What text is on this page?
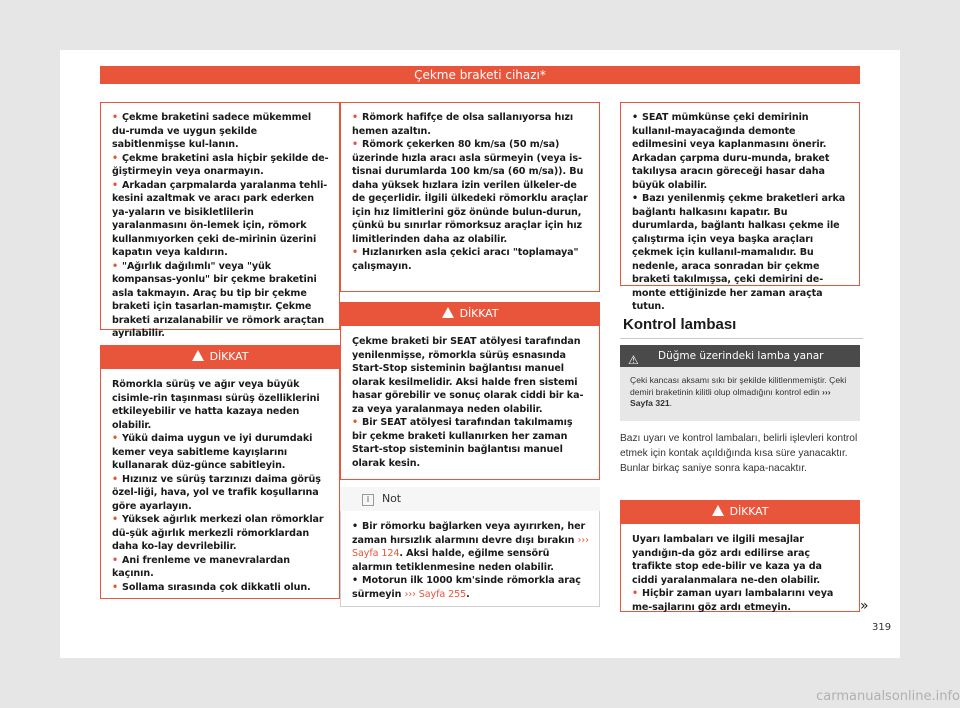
Çekme braketi cihazı*

• Çekme braketini sadece mükemmel du-rumda ve uygun şekilde sabitlenmişse kul-lanın.

• Çekme braketini asla hiçbir şekilde de-ğiştirmeyin veya onarmayın.

• Arkadan çarpmalarda yaralanma tehli-kesini azaltmak ve aracı park ederken ya-yaların ve bisikletlilerin yaralanmasını ön-lemek için, römork kullanmıyorken çeki de-mirinin üzerini kapatın veya kaldırın.

• "Ağırlık dağılımlı" veya "yük kompansas-yonlu" bir çekme braketini asla takmayın. Araç bu tip bir çekme braketi için tasarlan-mamıştır. Çekme braketi arızalanabilir ve römork araçtan ayrılabilir.

DİKKAT

Römorkla sürüş ve ağır veya büyük cisimle-rin taşınması sürüş özelliklerini etkileyebilir ve hatta kazaya neden olabilir.

• Yükü daima uygun ve iyi durumdaki kemer veya sabitleme kayışlarını kullanarak düz-günce sabitleyin.

• Hızınız ve sürüş tarzınızı daima görüş özel-liği, hava, yol ve trafik koşullarına göre ayarlayın.

• Yüksek ağırlık merkezi olan römorklar dü-şük ağırlık merkezli römorklardan daha ko-lay devrilebilir.

• Ani frenleme ve manevralardan kaçının.

• Sollama sırasında çok dikkatli olun.

• Römork hafifçe de olsa sallanıyorsa hızı hemen azaltın.

• Römork çekerken 80 km/sa (50 m/sa) üzerinde hızla aracı asla sürmeyin (veya is-tisnai durumlarda 100 km/sa (60 m/sa)). Bu daha yüksek hızlara izin verilen ülkeler-de de geçerlidir. İlgili ülkedeki römorklu araçlar için hız limitlerini göz önünde bulun-durun, çünkü bu sınırlar römorksuz araçlar için hız limitlerinden daha az olabilir.

• Hızlanırken asla çekici aracı "toplamaya" çalışmayın.

DİKKAT

Çekme braketi bir SEAT atölyesi tarafından yenilenmişse, römorkla sürüş esnasında Start-Stop sisteminin bağlantısı manuel olarak kesilmelidir. Aksi halde fren sistemi hasar görebilir ve sonuç olarak ciddi bir ka-za veya yaralanmaya neden olabilir.

• Bir SEAT atölyesi tarafından takılmamış bir çekme braketi kullanırken her zaman Start-stop sisteminin bağlantısı manuel olarak kesin.

i Not

• Bir römorku bağlarken veya ayırırken, her zaman hırsızlık alarmını devre dışı bırakın ››› Sayfa 124. Aksi halde, eğilme sensörü alarmın tetiklenmesine neden olabilir.

• Motorun ilk 1000 km'sinde römorkla araç sürmeyin ››› Sayfa 255.

• SEAT mümkünse çeki demirinin kullanıl-mayacağında demonte edilmesini veya kaplanmasını önerir. Arkadan çarpma duru-munda, braket takılıysa aracın göreceği hasar daha büyük olabilir.

• Bazı yenilenmiş çekme braketleri arka bağlantı halkasını kapatır. Bu durumlarda, bağlantı halkası çekme ile çalıştırma için veya başka araçları çekmek için kullanıl-mamalıdır. Bu nedenle, araca sonradan bir çekme braketi takılmışsa, çeki demirini de-monte ettiğinizde her zaman araçta tutun.

Kontrol lambası
⚠ Düğme üzerindeki lamba yanar
Çeki kancası aksamı sıkı bir şekilde kilitlenmemiştir. Çeki demiri braketinin kilitli olup olmadığını kontrol edin ››› Sayfa 321.
Bazı uyarı ve kontrol lambaları, belirli işlevleri kontrol etmek için kontak açıldığında kısa süre yanacaktır. Bunlar birkaç saniye sonra kapa-nacaktır.
DİKKAT

Uyarı lambaları ve ilgili mesajlar yandığın-da göz ardı edilirse araç trafikte stop ede-bilir ve kaza ya da ciddi yaralanmalara ne-den olabilir.

• Hiçbir zaman uyarı lambalarını veya me-sajlarını göz ardı etmeyin.	»
319
carmanualsonline.info
